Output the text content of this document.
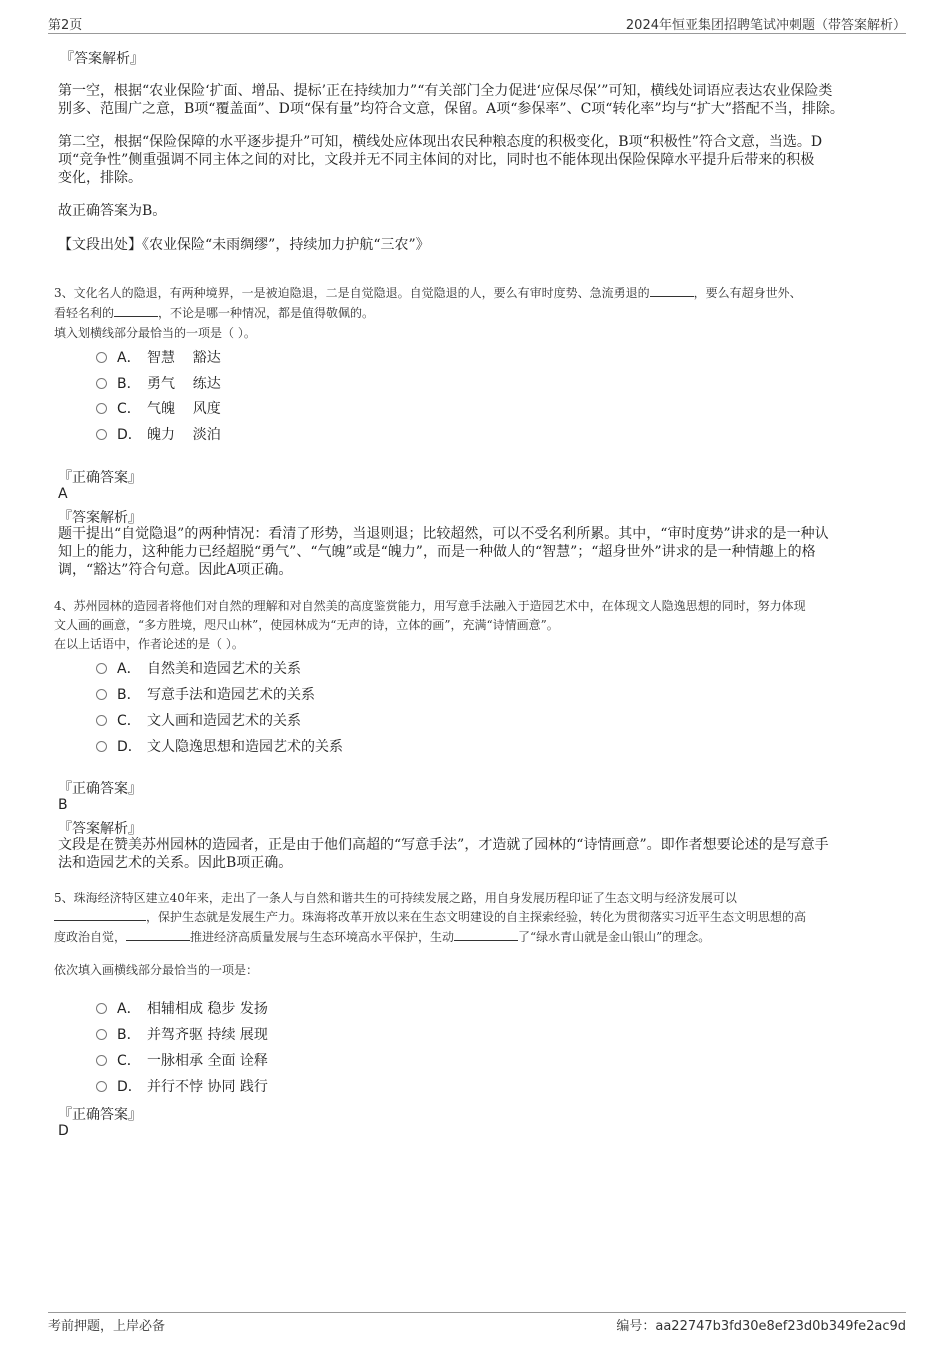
第2页	2024年恒亚集团招聘笔试冲刺题（带答案解析）
『答案解析』
第一空，根据“农业保险‘扩面、增品、提标’正在持续加力”“有关部门全力促进‘应保尽保’”可知，横线处词语应表达农业保险类
别多、范围广之意，B项“覆盖面”、D项“保有量”均符合文意，保留。A项“参保率”、C项“转化率”均与“扩大”搭配不当，排除。
第二空，根据“保险保障的水平逐步提升”可知，横线处应体现出农民种粮态度的积极变化，B项“积极性”符合文意，当选。D
项“竞争性”侧重强调不同主体之间的对比，文段并无不同主体间的对比，同时也不能体现出保险保障水平提升后带来的积极
变化，排除。
故正确答案为B。
【文段出处】《农业保险“未雨绸缪”，持续加力护航“三农”》
3、文化名人的隐退，有两种境界，一是被迫隐退，二是自觉隐退。自觉隐退的人，要么有审时度势、急流勇退的	，要么有超身世外、
看轻名利的	，不论是哪一种情况，都是值得敬佩的。
填入划横线部分最恰当的一项是（ ）。
A． 智慧    豁达
B． 勇气    练达
C． 气魄    风度
D． 魄力    淡泊
『正确答案』
A
『答案解析』
题干提出“自觉隐退”的两种情况：看清了形势，当退则退；比较超然，可以不受名利所累。其中，“审时度势”讲求的是一种认
知上的能力，这种能力已经超脱“勇气”、“气魄”或是“魄力”，而是一种做人的“智慧”；“超身世外”讲求的是一种情趣上的格
调，“豁达”符合句意。因此A项正确。
4、苏州园林的造园者将他们对自然的理解和对自然美的高度鉴赏能力，用写意手法融入于造园艺术中，在体现文人隐逸思想的同时，努力体现
文人画的画意，“多方胜境，咫尺山林”，使园林成为“无声的诗，立体的画”，充满“诗情画意”。
在以上话语中，作者论述的是（ ）。
A． 自然美和造园艺术的关系
B． 写意手法和造园艺术的关系
C． 文人画和造园艺术的关系
D． 文人隐逸思想和造园艺术的关系
『正确答案』
B
『答案解析』
文段是在赞美苏州园林的造园者，正是由于他们高超的“写意手法”，才造就了园林的“诗情画意”。即作者想要论述的是写意手
法和造园艺术的关系。因此B项正确。
5、珠海经济特区建立40年来，走出了一条人与自然和谐共生的可持续发展之路，用自身发展历程印证了生态文明与经济发展可以
，保护生态就是发展生产力。珠海将改革开放以来在生态文明建设的自主探索经验，转化为贯彻落实习近平生态文明思想的高
度政治自觉，	推进经济高质量发展与生态环境高水平保护，生动	了“绿水青山就是金山银山”的理念。
依次填入画横线部分最恰当的一项是：
A． 相辅相成 稳步 发扬
B． 并驾齐驱 持续 展现
C． 一脉相承 全面 诠释
D． 并行不悖 协同 践行
『正确答案』
D
考前押题，上岸必备	编号：aa22747b3fd30e8ef23d0b349fe2ac9d
